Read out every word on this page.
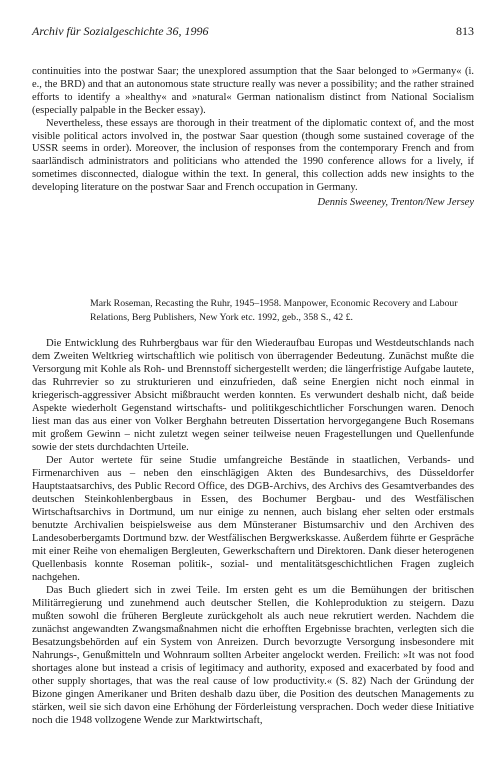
Archiv für Sozialgeschichte 36, 1996	813

continuities into the postwar Saar; the unexplored assumption that the Saar belonged to »Germany« (i. e., the BRD) and that an autonomous state structure really was never a possibility; and the rather strained efforts to identify a »healthy« and »natural« German nationalism distinct from National Socialism (especially palpable in the Becker essay).

Nevertheless, these essays are thorough in their treatment of the diplomatic context of, and the most visible political actors involved in, the postwar Saar question (though some sustained coverage of the USSR seems in order). Moreover, the inclusion of responses from the contemporary French and from saarländisch administrators and politicians who attended the 1990 conference allows for a lively, if sometimes disconnected, dialogue within the text. In general, this collection adds new insights to the developing literature on the postwar Saar and French occupation in Germany.

Dennis Sweeney, Trenton/New Jersey
Mark Roseman, Recasting the Ruhr, 1945–1958. Manpower, Economic Recovery and Labour Relations, Berg Publishers, New York etc. 1992, geb., 358 S., 42 £.

Die Entwicklung des Ruhrbergbaus war für den Wiederaufbau Europas und Westdeutschlands nach dem Zweiten Weltkrieg wirtschaftlich wie politisch von überragender Bedeutung. Zunächst mußte die Versorgung mit Kohle als Roh- und Brennstoff sichergestellt werden; die längerfristige Aufgabe lautete, das Ruhrrevier so zu strukturieren und einzufrieden, daß seine Energien nicht noch einmal in kriegerisch-aggressiver Absicht mißbraucht werden konnten. Es verwundert deshalb nicht, daß beide Aspekte wiederholt Gegenstand wirtschafts- und politikgeschichtlicher Forschungen waren. Denoch liest man das aus einer von Volker Berghahn betreuten Dissertation hervorgegangene Buch Rosemans mit großem Gewinn – nicht zuletzt wegen seiner teilweise neuen Fragestellungen und Quellenfunde sowie der stets durchdachten Urteile.

Der Autor wertete für seine Studie umfangreiche Bestände in staatlichen, Verbands- und Firmenarchiven aus – neben den einschlägigen Akten des Bundesarchivs, des Düsseldorfer Hauptstaatsarchivs, des Public Record Office, des DGB-Archivs, des Archivs des Gesamtverbandes des deutschen Steinkohlenbergbaus in Essen, des Bochumer Bergbau- und des Westfälischen Wirtschaftsarchivs in Dortmund, um nur einige zu nennen, auch bislang eher selten oder erstmals benutzte Archivalien beispielsweise aus dem Münsteraner Bistumsarchiv und den Archiven des Landesoberbergamts Dortmund bzw. der Westfälischen Bergwerkskasse. Außerdem führte er Gespräche mit einer Reihe von ehemaligen Bergleuten, Gewerkschaftern und Direktoren. Dank dieser heterogenen Quellenbasis konnte Roseman politik-, sozial- und mentalitätsgeschichtlichen Fragen zugleich nachgehen.

Das Buch gliedert sich in zwei Teile. Im ersten geht es um die Bemühungen der britischen Militärregierung und zunehmend auch deutscher Stellen, die Kohleproduktion zu steigern. Dazu mußten sowohl die früheren Bergleute zurückgeholt als auch neue rekrutiert werden. Nachdem die zunächst angewandten Zwangsmaßnahmen nicht die erhofften Ergebnisse brachten, verlegten sich die Besatzungsbehörden auf ein System von Anreizen. Durch bevorzugte Versorgung insbesondere mit Nahrungs-, Genußmitteln und Wohnraum sollten Arbeiter angelockt werden. Freilich: »It was not food shortages alone but instead a crisis of legitimacy and authority, exposed and exacerbated by food and other supply shortages, that was the real cause of low productivity.« (S. 82) Nach der Gründung der Bizone gingen Amerikaner und Briten deshalb dazu über, die Position des deutschen Managements zu stärken, weil sie sich davon eine Erhöhung der Förderleistung versprachen. Doch weder diese Initiative noch die 1948 vollzogene Wende zur Marktwirtschaft,
